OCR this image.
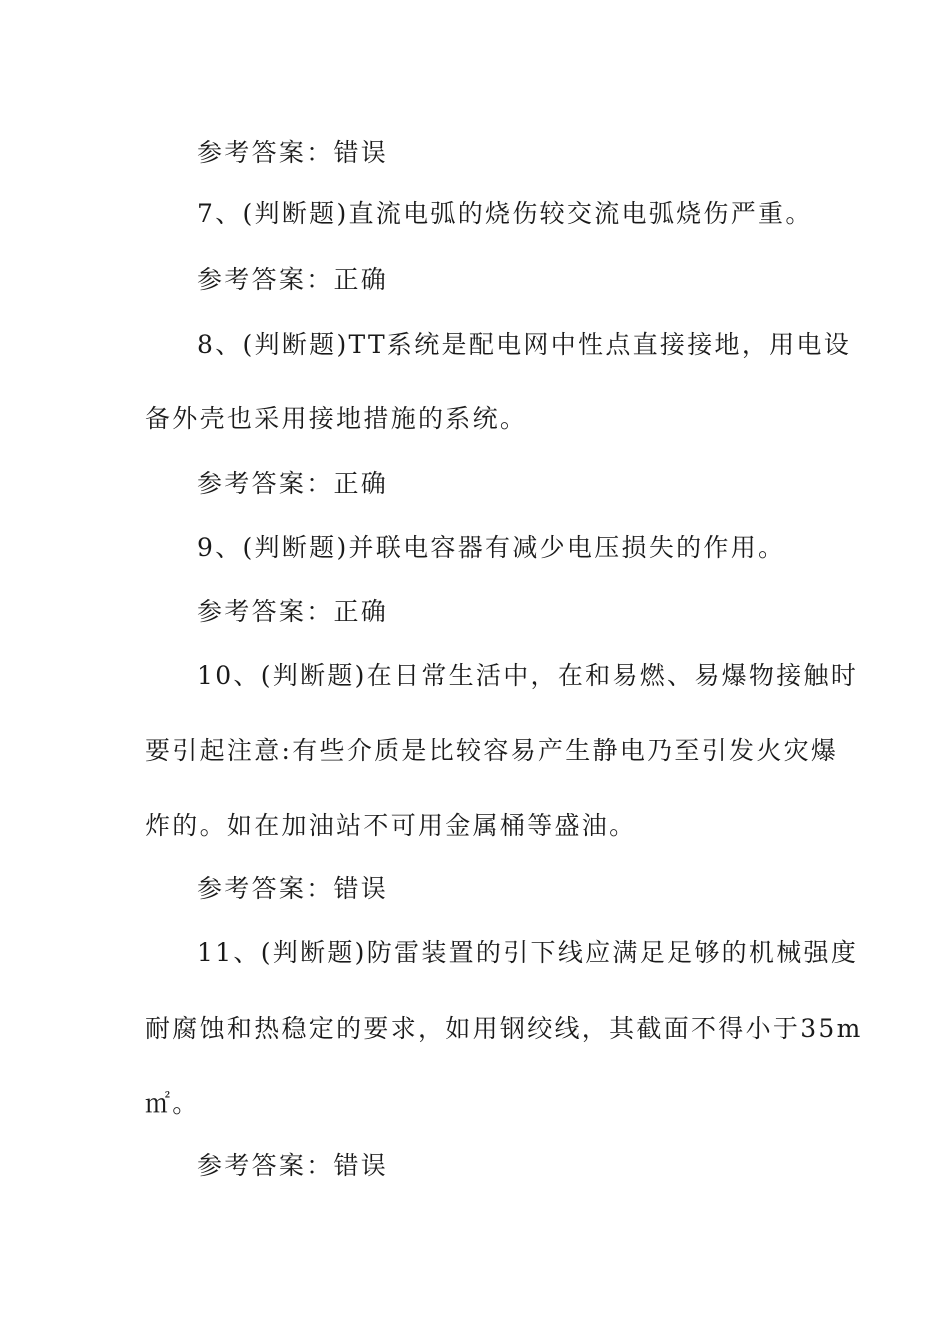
参考答案：错误
7、(判断题)直流电弧的烧伤较交流电弧烧伤严重。
参考答案：正确
8、(判断题)TT系统是配电网中性点直接接地，用电设
备外壳也采用接地措施的系统。
参考答案：正确
9、(判断题)并联电容器有减少电压损失的作用。
参考答案：正确
10、(判断题)在日常生活中，在和易燃、易爆物接触时
要引起注意:有些介质是比较容易产生静电乃至引发火灾爆
炸的。如在加油站不可用金属桶等盛油。
参考答案：错误
11、(判断题)防雷装置的引下线应满足足够的机械强度
耐腐蚀和热稳定的要求，如用钢绞线，其截面不得小于35m
㎡。
参考答案：错误
